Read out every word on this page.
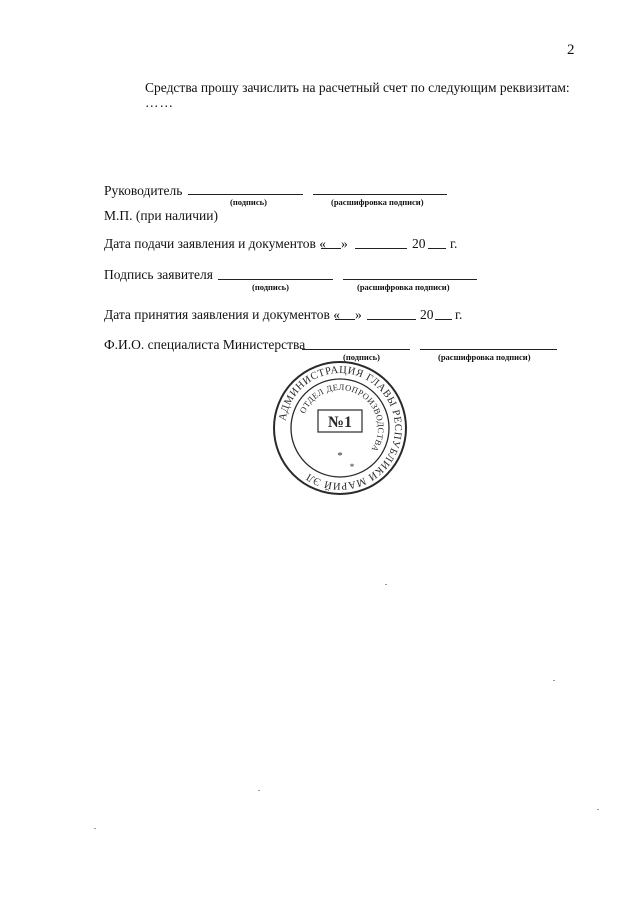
2
Средства прошу зачислить на расчетный счет по следующим реквизитам:
……
Руководитель
(подпись)	(расшифровка подписи)
М.П. (при наличии)
Дата подачи заявления и документов « »	20 г.
Подпись заявителя
(подпись)	(расшифровка подписи)
Дата принятия заявления и документов « »	20 г.
Ф.И.О. специалиста Министерства
(подпись)	(расшифровка подписи)
АДМИНИСТРАЦИЯ ГЛАВЫ РЕСПУБЛИКИ МАРИЙ ЭЛ
ОТДЕЛ ДЕЛОПРОИЗВОДСТВА
№1
*
*
